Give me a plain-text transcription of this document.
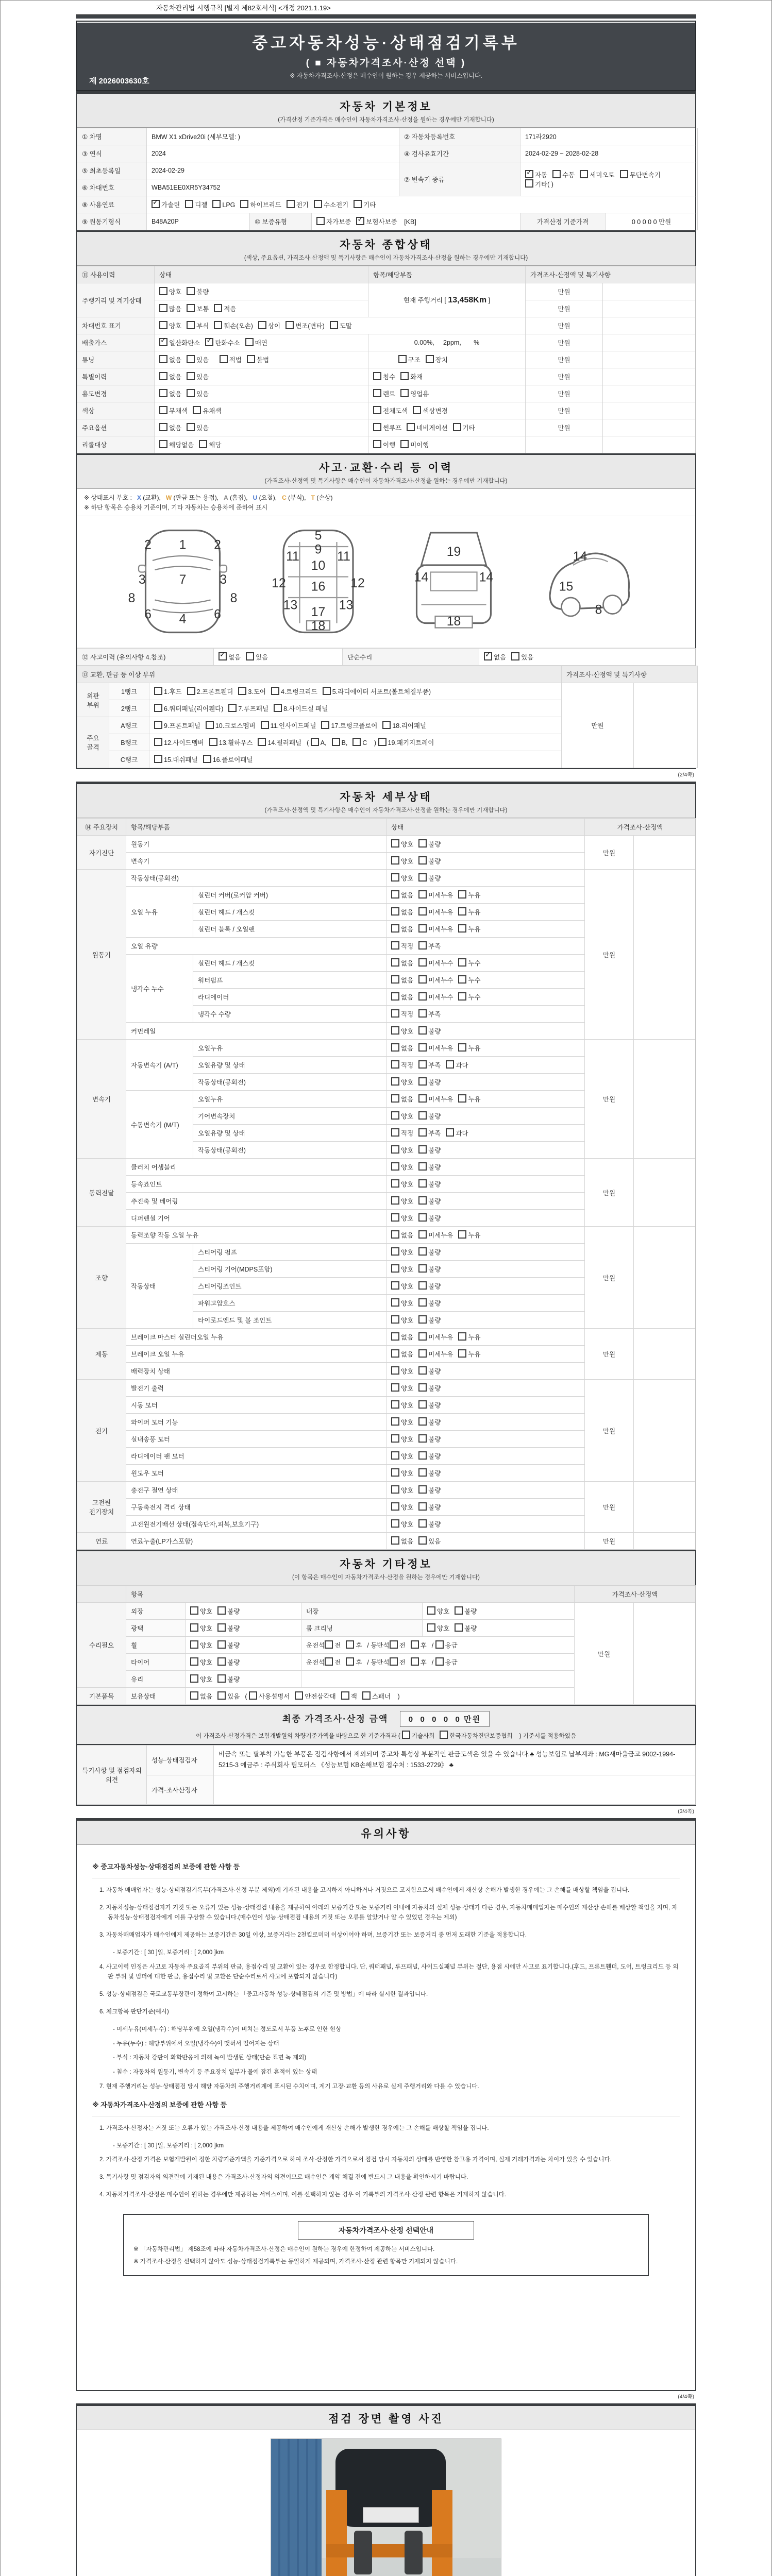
자동차관리법 시행규칙 [별지 제82호서식] <개정 2021.1.19>
중고자동차성능·상태점검기록부
( ■ 자동차가격조사·산정 선택 )
※ 자동차가격조사·산정은 매수인이 원하는 경우 제공하는 서비스입니다.
제 2026003630호
자동차 기본정보
(가격산정 기준가격은 매수인이 자동차가격조사·산정을 원하는 경우에만 기재합니다)
① 차명	BMW X1 xDrive20i (세부모델: )			② 자동차등록번호	171라2920	
③ 연식	2024			④ 검사유효기간	2024-02-29 ~ 2028-02-28	
⑤ 최초등록일	2024-02-29			⑦ 변속기 종류	✓ 자동 수동 세미오토 무단변속기기타( )	
⑥ 차대번호	WBA51EE0XR5Y34752					
⑧ 사용연료	✓ 가솔린 디젤 LPG 하이브리드 전기 수소전기 기타					
⑨ 원동기형식	B48A20P	⑩ 보증유형	자가보증 ✓ 보험사보증 [KB]		가격산정 기준가격	0 0 0 0 0 만원
자동차 종합상태
(색상, 주요옵션, 가격조사·산정액 및 특기사항은 매수인이 자동차가격조사·산정을 원하는 경우에만 기재합니다)
⑪ 사용이력	상태	항목/해당부품	가격조사·산정액 및 특기사항	
주행거리 및 계기상태	양호 불량	현재 주행거리 [ 13,458Km ]	만원	
	많음 보통 적음		만원	
차대번호 표기	양호 부식 훼손(오손) 상이 변조(변타) 도말		만원	
배출가스	✓ 일산화탄소 ✓ 탄화수소 매연	0.00%,     2ppm,       %	만원	
튜닝	없음 있음 적법 불법	구조 장치	만원	
특별이력	없음 있음	침수 화재	만원	
용도변경	없음 있음	렌트 영업용	만원	
색상	무채색 유채색	전체도색 색상변경	만원	
주요옵션	없음 있음	썬루프 네비게이션 기타	만원	
리콜대상	해당없음 해당	이행 미이행		
사고·교환·수리 등 이력
(가격조사·산정액 및 특기사항은 매수인이 자동차가격조사·산정을 원하는 경우에만 기재합니다)
※ 상태표시 부호 : X (교환), W (판금 또는 용접), A (흠집), U (요철), C (부식), T (손상)
※ 하단 항목은 승용차 기준이며, 기타 자동차는 승용차에 준하여 표시
1
2	2
7
3	3
8	8
6	6
4
5
9
11	11
10
12	12
16
13	13
17
18
19
14	14
18
14
15
8
⑫ 사고이력 (유의사항 4.참조)	✓ 없음 있음	단순수리	✓ 없음 있음
⑬ 교환, 판금 등 이상 부위			가격조사·산정액 및 특기사항	
외판 부위	1랭크	1.후드 2.프론트휀더 3.도어 4.트렁크리드 5.라디에이터 서포트(볼트체결부품)	만원	
	2랭크	6.쿼터패널(리어휀다) 7.루프패널 8.사이드실 패널		
주요 골격	A랭크	9.프론트패널 10.크로스멤버 11.인사이드패널 17.트렁크플로어 18.리어패널		
	B랭크	12.사이드멤버 13.휠하우스 14.필러패널 ( A, B, C ) 19.패키지트레이		
	C랭크	15.대쉬패널 16.플로어패널		
(2/4쪽)
자동차 세부상태
(가격조사·산정액 및 특기사항은 매수인이 자동차가격조사·산정을 원하는 경우에만 기재합니다)
⑭ 주요장치	항목/해당부품		상태	가격조사·산정액	
자기진단	원동기		양호 불량	만원	
	변속기		양호 불량		
원동기	작동상태(공회전)		양호 불량	만원	
	오일 누유	실린더 커버(로커암 커버)	없음 미세누유 누유		
		실린더 헤드 / 개스킷	없음 미세누유 누유		
		실린더 블록 / 오일팬	없음 미세누유 누유		
	오일 유량		적정 부족		
	냉각수 누수	실린더 헤드 / 개스킷	없음 미세누수 누수		
		워터펌프	없음 미세누수 누수		
		라디에이터	없음 미세누수 누수		
		냉각수 수량	적정 부족		
	커먼레일		양호 불량		
변속기	자동변속기 (A/T)	오일누유	없음 미세누유 누유	만원	
		오일유량 및 상태	적정 부족 과다		
		작동상태(공회전)	양호 불량		
	수동변속기 (M/T)	오일누유	없음 미세누유 누유		
		기어변속장치	양호 불량		
		오일유량 및 상태	적정 부족 과다		
		작동상태(공회전)	양호 불량		
동력전달	클러치 어셈블리		양호 불량	만원	
	등속죠인트		양호 불량		
	추진축 및 베어링		양호 불량		
	디퍼렌셜 기어		양호 불량		
조향	동력조향 작동 오일 누유		없음 미세누유 누유	만원	
	작동상태	스티어링 펌프	양호 불량		
		스티어링 기어(MDPS포함)	양호 불량		
		스티어링조인트	양호 불량		
		파워고압호스	양호 불량		
		타이로드엔드 및 볼 조인트	양호 불량		
제동	브레이크 마스터 실린더오일 누유		없음 미세누유 누유	만원	
	브레이크 오일 누유		없음 미세누유 누유		
	배력장치 상태		양호 불량		
전기	발전기 출력		양호 불량	만원	
	시동 모터		양호 불량		
	와이퍼 모터 기능		양호 불량		
	실내송풍 모터		양호 불량		
	라디에이터 팬 모터		양호 불량		
	윈도우 모터		양호 불량		
고전원 전기장치	충전구 절연 상태		양호 불량	만원	
	구동축전지 격리 상태		양호 불량		
	고전원전기배선 상태(접속단자,피복,보호기구)		양호 불량		
연료	연료누출(LP가스포함)		없음 있음	만원	
자동차 기타정보
(이 항목은 매수인이 자동차가격조사·산정을 원하는 경우에만 기재합니다)
	항목				가격조사·산정액	
수리필요	외장	양호 불량	내장	양호 불량	만원	
	광택	양호 불량	룸 크리닝	양호 불량		
	휠	양호 불량	운전석 전 후 / 동반석 전 후 / 응급			
	타이어	양호 불량	운전석 전 후 / 동반석 전 후 / 응급			
	유리	양호 불량				
기본품목	보유상태	없음 있음 ( 사용설명서 안전삼각대 잭 스패너 )				
최종 가격조사·산정 금액	0  0  0  0  0 만원
이 가격조사·산정가격은 보험개발원의 차량기준가액을 바탕으로 한 기준가격과 ( 기술사회	한국자동차진단보증협회 ) 기준서를 적용하였음
특기사항 및 점검자의 의견	성능·상태점검자	비금속 또는 탈부착 가능한 부품은 점검사항에서 제외되며 중고차 특성상 부분적인 판금도색은 있을 수 있습니다.♣ 성능보험료 납부계좌 : MG새마을금고 9002-1994-5215-3 예금주 : 주식회사 팀모터스 《성능보험 KB손해보험 접수처 : 1533-2729》 ♣
	가격·조사산정자	
(3/4쪽)
유의사항
※ 중고자동차성능·상태점검의 보증에 관한 사항 등
1. 자동차 매매업자는 성능·상태점검기록부(가격조사·산정 부분 제외)에 기재된 내용을 고지하지 아니하거나 거짓으로 고지함으로써 매수인에게 재산상 손해가 발생한 경우에는 그 손해를 배상할 책임을 집니다.
2. 자동차성능·상태점검자가 거짓 또는 오류가 있는 성능·상태점검 내용을 제공하여 아래의 보증기간 또는 보증거리 이내에 자동차의 실제 성능·상태가 다른 경우, 자동차매매업자는 매수인의 재산상 손해를 배상할 책임을 지며, 자동차성능·상태점검자에게 이를 구상할 수 있습니다.(매수인이 성능·상태점검 내용의 거짓 또는 오류를 알았거나 알 수 있었던 경우는 제외)
3. 자동차매매업자가 매수인에게 제공하는 보증기간은 30일 이상, 보증거리는 2천킬로미터 이상이어야 하며, 보증기간 또는 보증거리 중 먼저 도래한 기준을 적용합니다.
- 보증기간 : [ 30 ]일, 보증거리 : [ 2,000 ]km
4. 사고이력 인정은 사고로 자동차 주요골격 부위의 판금, 용접수리 및 교환이 있는 경우로 한정합니다. 단, 쿼터패널, 루프패널, 사이드실패널 부위는 절단, 용접 시에만 사고로 표기합니다.(후드, 프론트휀더, 도어, 트렁크리드 등 외판 부위 및 범퍼에 대한 판금, 용접수리 및 교환은 단순수리로서 사고에 포함되지 않습니다)
5. 성능·상태점검은 국토교통부장관이 정하여 고시하는 「중고자동차 성능·상태점검의 기준 및 방법」에 따라 실시한 결과입니다.
6. 체크항목 판단기준(예시)
- 미세누유(미세누수) : 해당부위에 오일(냉각수)이 비치는 정도로서 부품 노후로 인한 현상
- 누유(누수) : 해당부위에서 오일(냉각수)이 맺혀서 떨어지는 상태
- 부식 : 자동차 강판이 화학반응에 의해 녹이 발생된 상태(단순 표면 녹 제외)
- 침수 : 자동차의 원동기, 변속기 등 주요장치 일부가 물에 잠긴 흔적이 있는 상태
7. 현재 주행거리는 성능·상태점검 당시 해당 자동차의 주행거리계에 표시된 수치이며, 계기 고장·교환 등의 사유로 실제 주행거리와 다를 수 있습니다.
※ 자동차가격조사·산정의 보증에 관한 사항 등
1. 가격조사·산정자는 거짓 또는 오류가 있는 가격조사·산정 내용을 제공하여 매수인에게 재산상 손해가 발생한 경우에는 그 손해를 배상할 책임을 집니다.
- 보증기간 : [ 30 ]일, 보증거리 : [ 2,000 ]km
2. 가격조사·산정 가격은 보험개발원이 정한 차량기준가액을 기준가격으로 하여 조사·산정한 가격으로서 점검 당시 자동차의 상태를 반영한 참고용 가격이며, 실제 거래가격과는 차이가 있을 수 있습니다.
3. 특기사항 및 점검자의 의견란에 기재된 내용은 가격조사·산정자의 의견이므로 매수인은 계약 체결 전에 반드시 그 내용을 확인하시기 바랍니다.
4. 자동차가격조사·산정은 매수인이 원하는 경우에만 제공하는 서비스이며, 이를 선택하지 않는 경우 이 기록부의 가격조사·산정 관련 항목은 기재하지 않습니다.
자동차가격조사·산정 선택안내
※ 「자동차관리법」 제58조에 따라 자동차가격조사·산정은 매수인이 원하는 경우에 한정하여 제공하는 서비스입니다.
※ 가격조사·산정을 선택하지 않아도 성능·상태점검기록부는 동일하게 제공되며, 가격조사·산정 관련 항목만 기재되지 않습니다.
(4/4쪽)
점검 장면 촬영 사진
